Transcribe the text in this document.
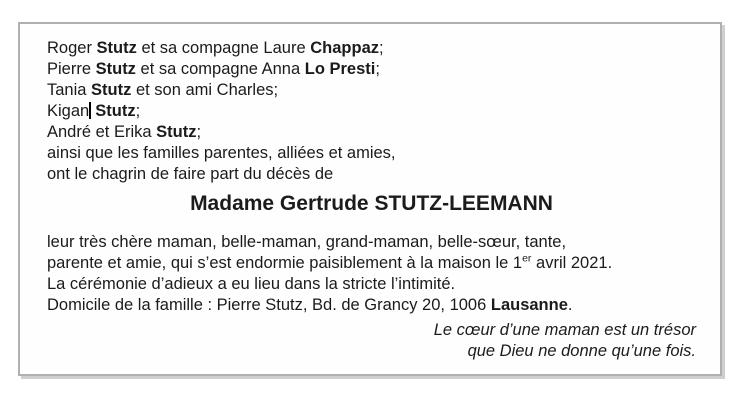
Roger Stutz et sa compagne Laure Chappaz;
Pierre Stutz et sa compagne Anna Lo Presti;
Tania Stutz et son ami Charles;
Kigan Stutz;
André et Erika Stutz;
ainsi que les familles parentes, alliées et amies,
ont le chagrin de faire part du décès de
Madame Gertrude STUTZ-LEEMANN
leur très chère maman, belle-maman, grand-maman, belle-sœur, tante,
parente et amie, qui s’est endormie paisiblement à la maison le 1er avril 2021.
La cérémonie d’adieux a eu lieu dans la stricte l’intimité.
Domicile de la famille : Pierre Stutz, Bd. de Grancy 20, 1006 Lausanne.
Le cœur d’une maman est un trésor
que Dieu ne donne qu’une fois.
